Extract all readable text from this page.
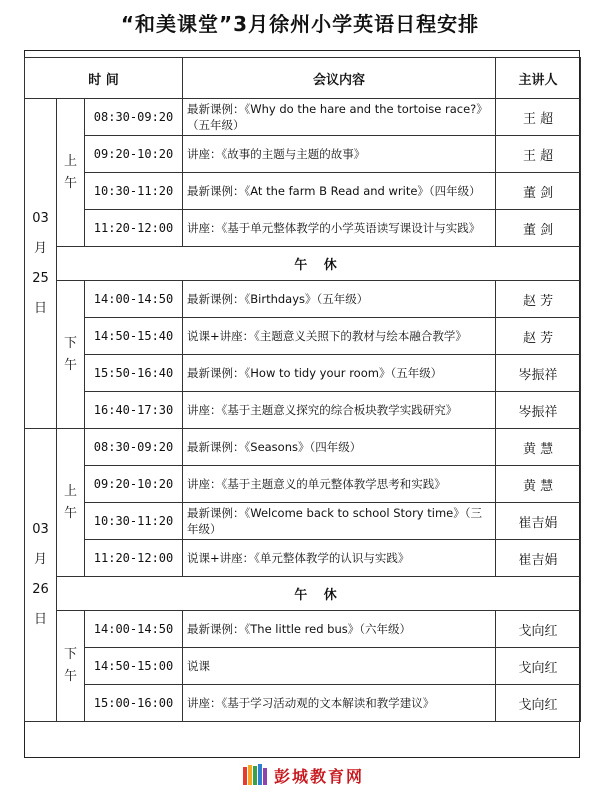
“和美课堂”3月徐州小学英语日程安排
时 间			会议内容	主讲人

03
月
25
日	上
午	08:30-09:20	最新课例：《Why do the hare and the tortoise race?》（五年级）	王 超
		09:20-10:20	讲座：《故事的主题与主题的故事》	王 超
		10:30-11:20	最新课例：《At the farm B Read and write》（四年级）	董 剑
		11:20-12:00	讲座：《基于单元整体教学的小学英语读写课设计与实践》	董 剑
	午 休			

	下
午	14:00-14:50	最新课例：《Birthdays》（五年级）	赵 芳
		14:50-15:40	说课+讲座：《主题意义关照下的教材与绘本融合教学》	赵 芳
		15:50-16:40	最新课例：《How to tidy your room》（五年级）	岑振祥
		16:40-17:30	讲座：《基于主题意义探究的综合板块教学实践研究》	岑振祥

03
月
26
日	上
午	08:30-09:20	最新课例：《Seasons》（四年级）	黄 慧
		09:20-10:20	讲座：《基于主题意义的单元整体教学思考和实践》	黄 慧
		10:30-11:20	最新课例：《Welcome back to school Story time》（三年级）	崔吉娟
		11:20-12:00	说课+讲座：《单元整体教学的认识与实践》	崔吉娟
	午 休			

	下
午	14:00-14:50	最新课例：《The little red bus》（六年级）	戈向红
		14:50-15:00	说课	戈向红
		15:00-16:00	讲座：《基于学习活动观的文本解读和教学建议》	戈向红
彭城教育网
